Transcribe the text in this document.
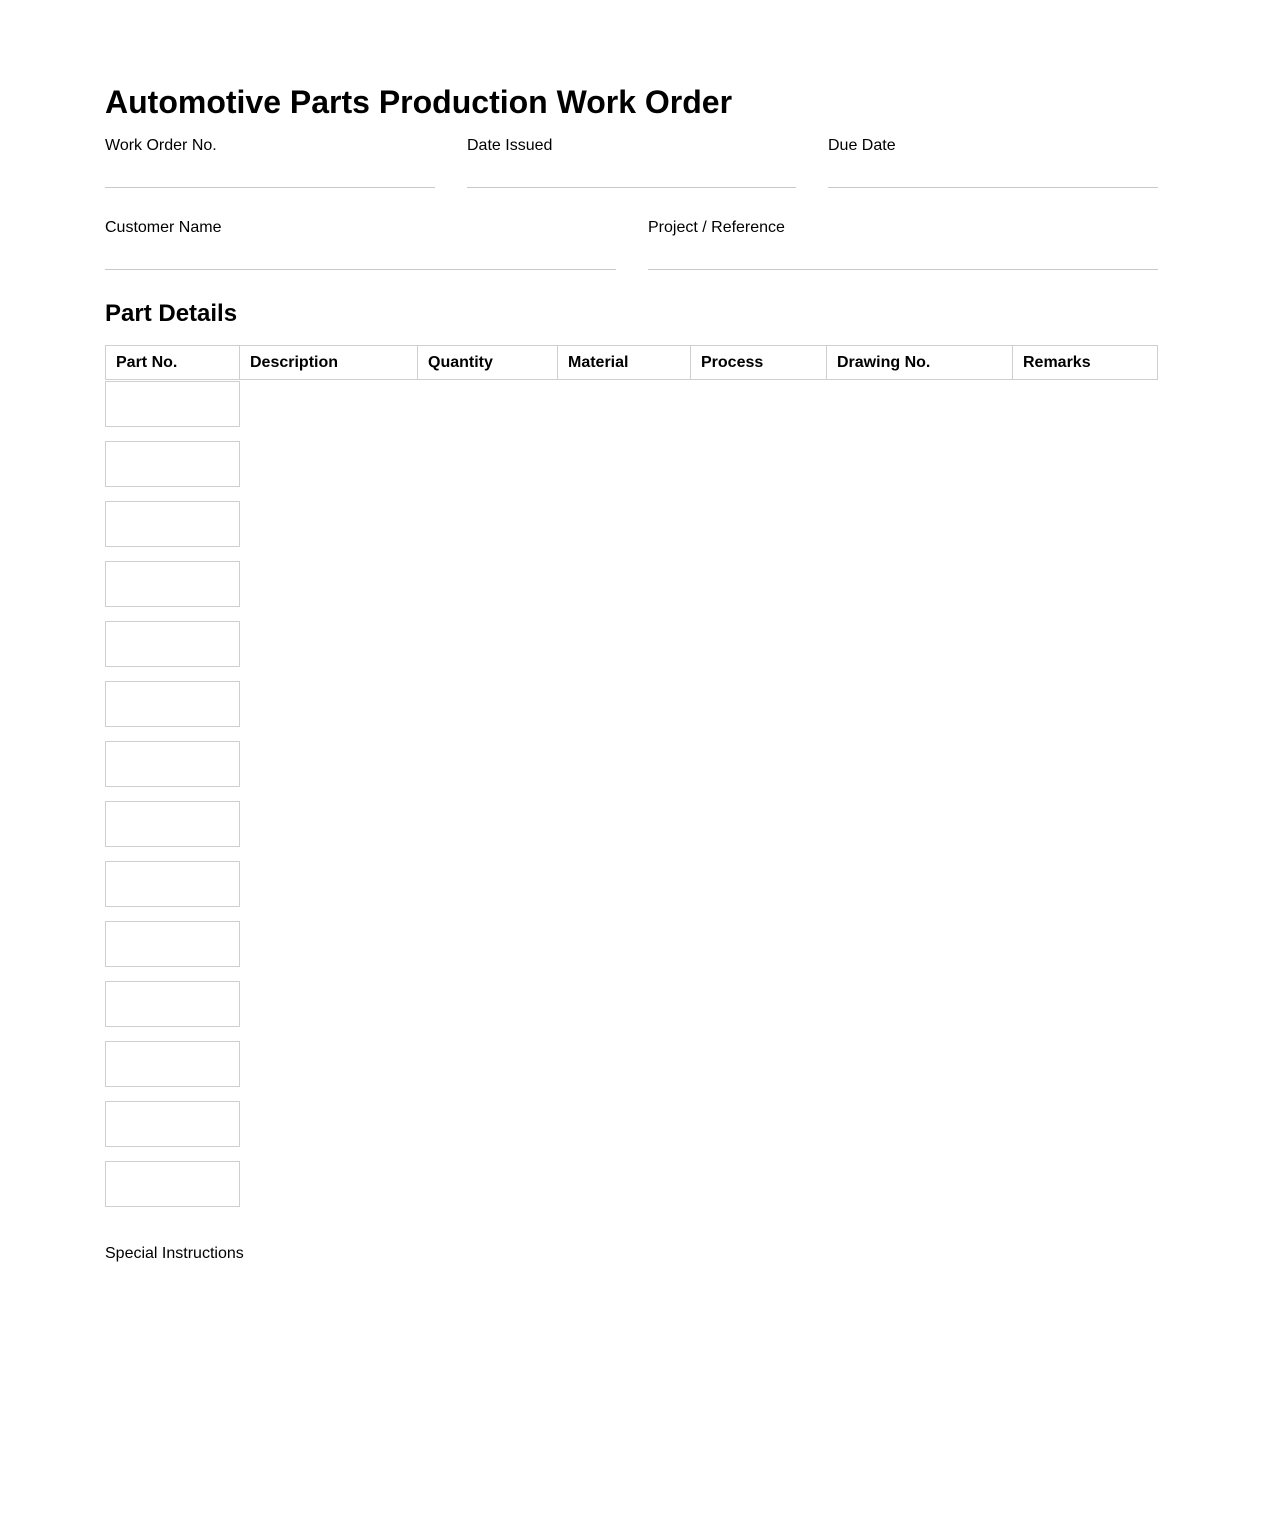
Automotive Parts Production Work Order
Work Order No.	Date Issued	Due Date
Customer Name	Project / Reference
Part Details
Part No.	Description	Quantity	Material	Process	Drawing No.	Remarks
Special Instructions
